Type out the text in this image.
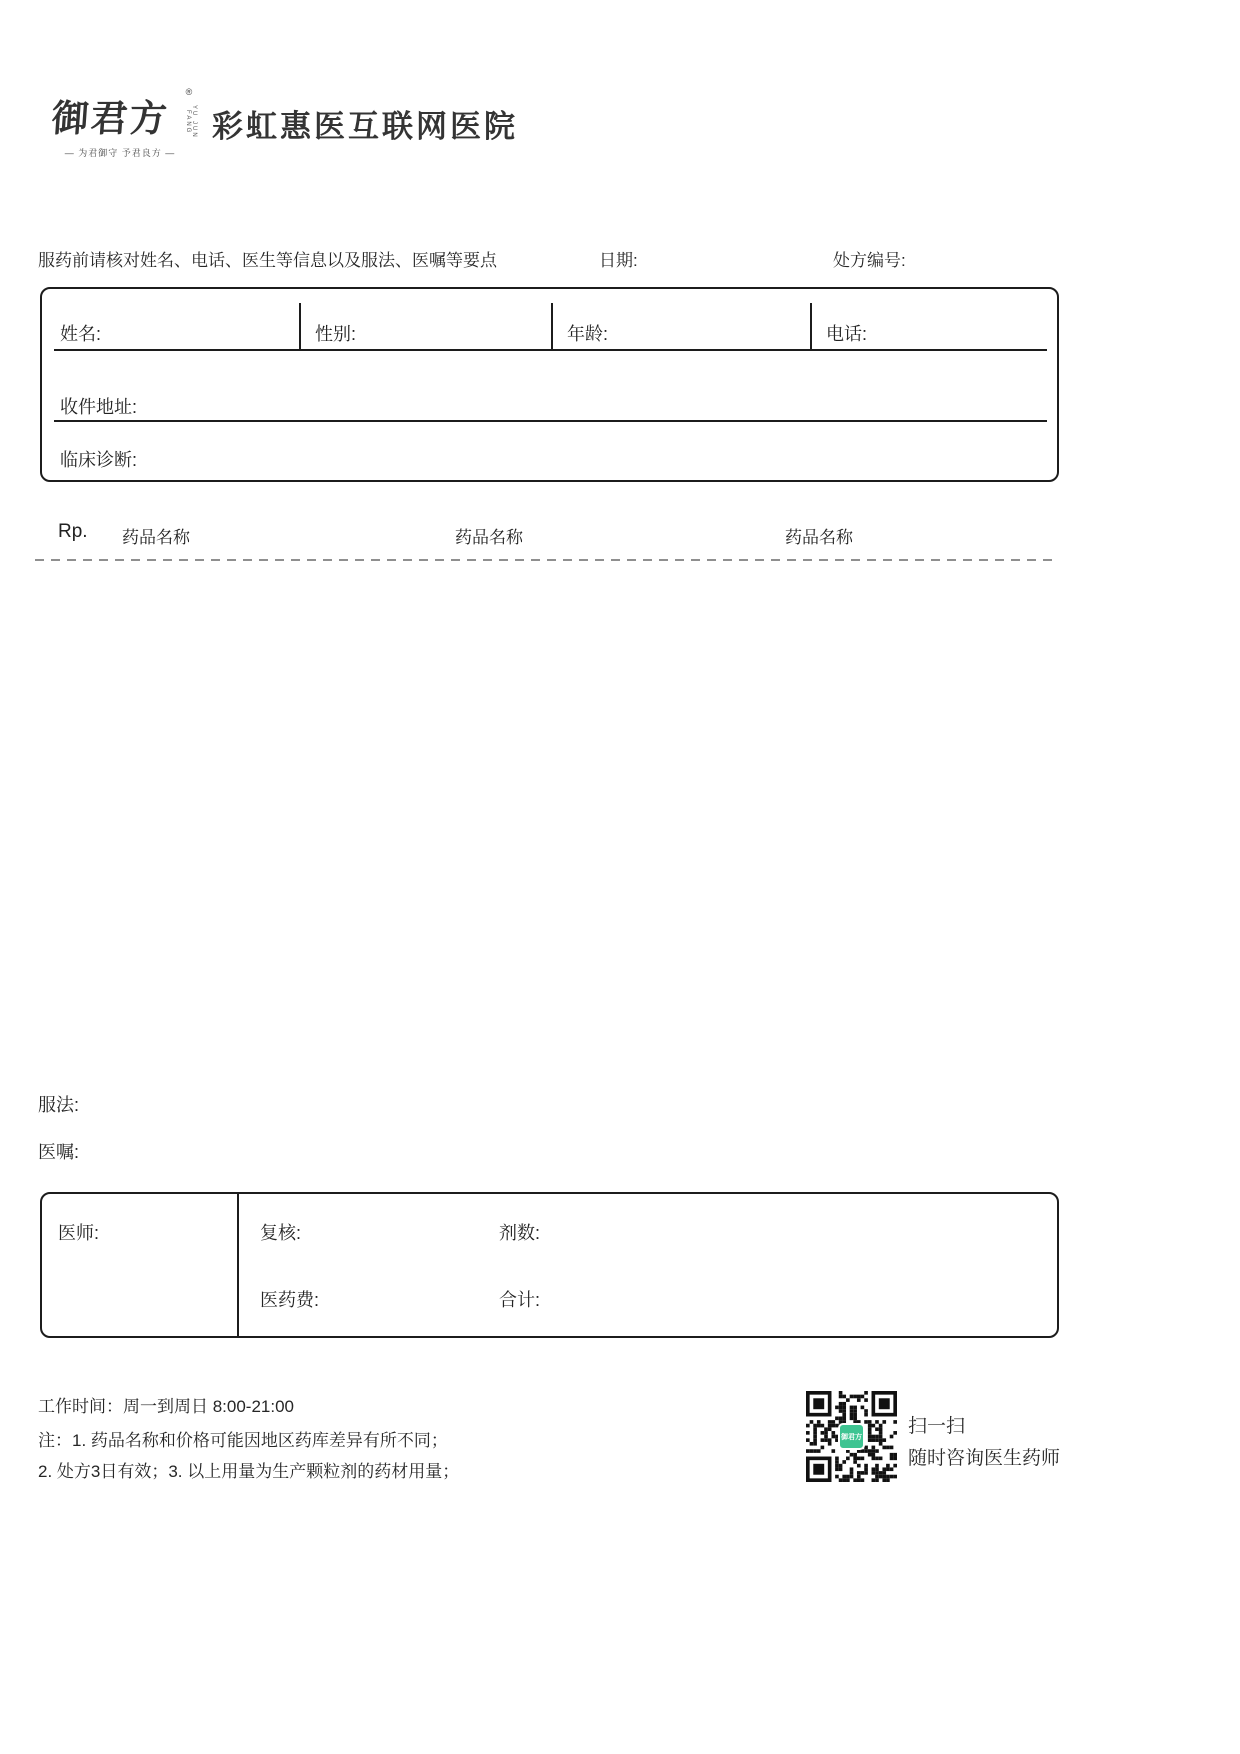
御君方
®
YU JUN FANG
— 为君御守 予君良方 —
彩虹惠医互联网医院
服药前请核对姓名、电话、医生等信息以及服法、医嘱等要点	日期:	处方编号:
姓名:	性别:	年龄:	电话:
收件地址:
临床诊断:
Rp. 药品名称	药品名称	药品名称
服法:
医嘱:
医师:	复核:	剂数:
医药费:	合计:
工作时间：周一到周日 8:00-21:00
注：1. 药品名称和价格可能因地区药库差异有所不同；
2. 处方3日有效；3. 以上用量为生产颗粒剂的药材用量；
御君方 扫一扫
随时咨询医生药师
